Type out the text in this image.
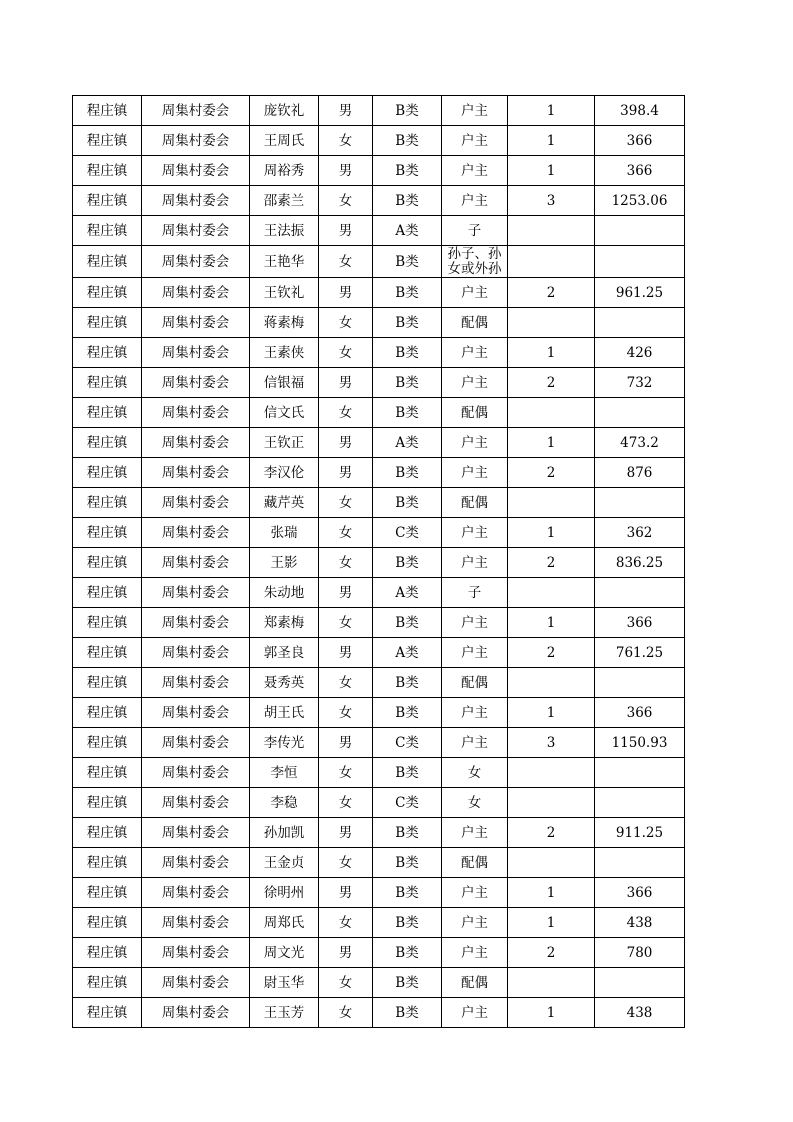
程庄镇	周集村委会	庞钦礼	男	B类	户主	1	398.4
程庄镇	周集村委会	王周氏	女	B类	户主	1	366
程庄镇	周集村委会	周裕秀	男	B类	户主	1	366
程庄镇	周集村委会	邵素兰	女	B类	户主	3	1253.06
程庄镇	周集村委会	王法振	男	A类	子		
程庄镇	周集村委会	王艳华	女	B类	孙子、孙女或外孙		
程庄镇	周集村委会	王钦礼	男	B类	户主	2	961.25
程庄镇	周集村委会	蒋素梅	女	B类	配偶		
程庄镇	周集村委会	王素侠	女	B类	户主	1	426
程庄镇	周集村委会	信银福	男	B类	户主	2	732
程庄镇	周集村委会	信文氏	女	B类	配偶		
程庄镇	周集村委会	王钦正	男	A类	户主	1	473.2
程庄镇	周集村委会	李汉伦	男	B类	户主	2	876
程庄镇	周集村委会	藏芹英	女	B类	配偶		
程庄镇	周集村委会	张瑞	女	C类	户主	1	362
程庄镇	周集村委会	王影	女	B类	户主	2	836.25
程庄镇	周集村委会	朱动地	男	A类	子		
程庄镇	周集村委会	郑素梅	女	B类	户主	1	366
程庄镇	周集村委会	郭圣良	男	A类	户主	2	761.25
程庄镇	周集村委会	聂秀英	女	B类	配偶		
程庄镇	周集村委会	胡王氏	女	B类	户主	1	366
程庄镇	周集村委会	李传光	男	C类	户主	3	1150.93
程庄镇	周集村委会	李恒	女	B类	女		
程庄镇	周集村委会	李稳	女	C类	女		
程庄镇	周集村委会	孙加凯	男	B类	户主	2	911.25
程庄镇	周集村委会	王金贞	女	B类	配偶		
程庄镇	周集村委会	徐明州	男	B类	户主	1	366
程庄镇	周集村委会	周郑氏	女	B类	户主	1	438
程庄镇	周集村委会	周文光	男	B类	户主	2	780
程庄镇	周集村委会	尉玉华	女	B类	配偶		
程庄镇	周集村委会	王玉芳	女	B类	户主	1	438
